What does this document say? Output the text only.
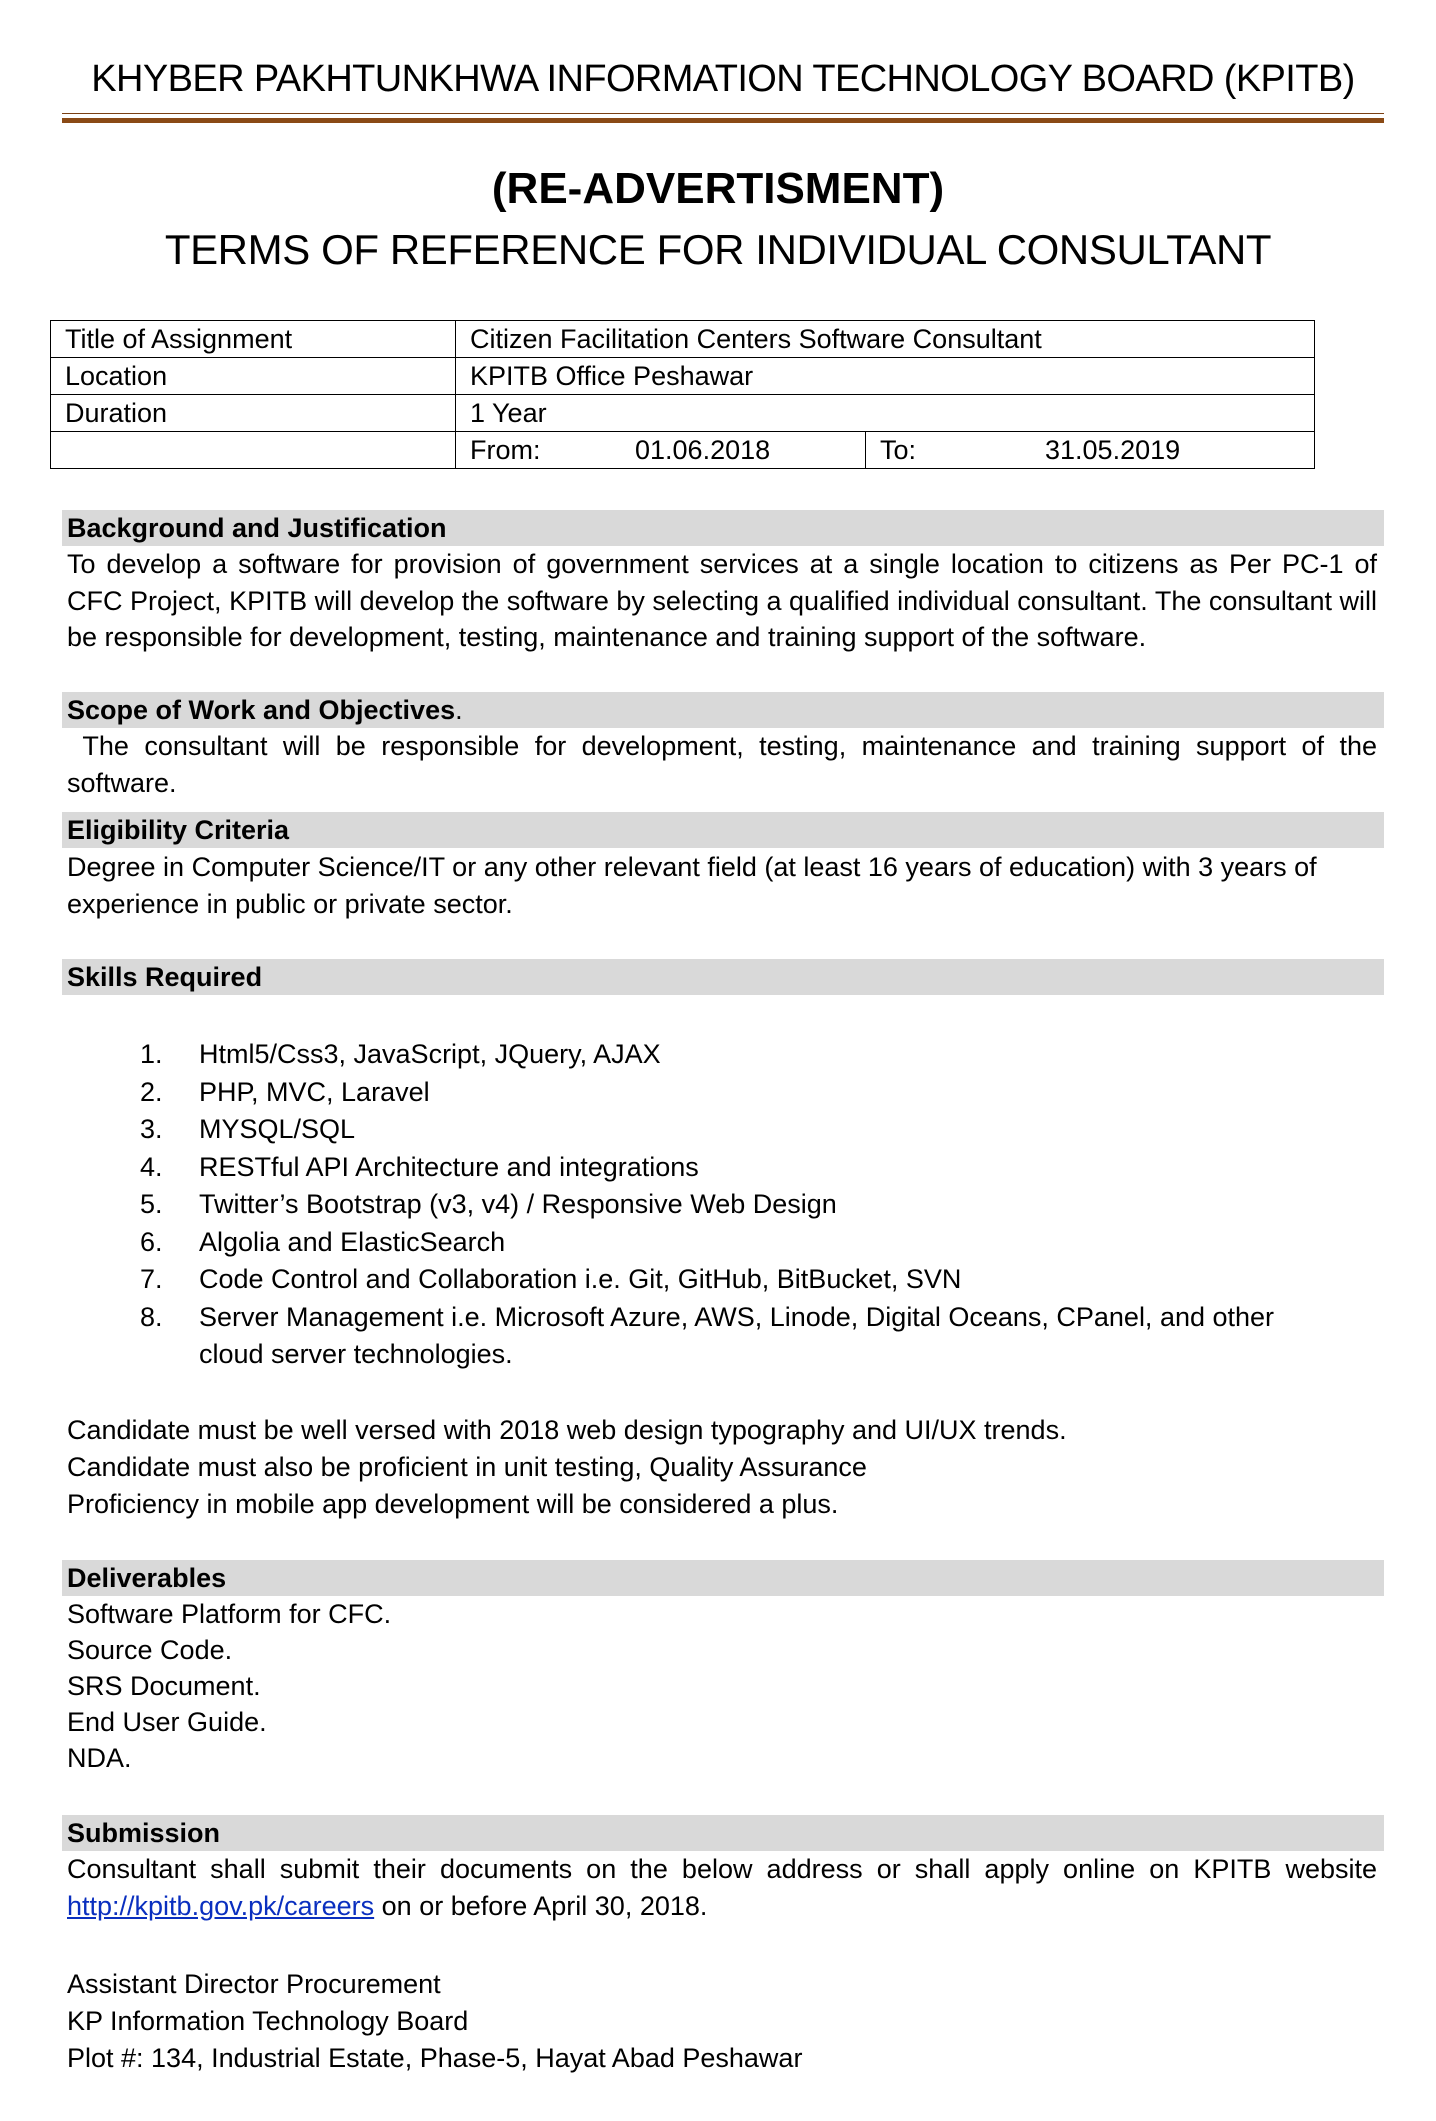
KHYBER PAKHTUNKHWA INFORMATION TECHNOLOGY BOARD (KPITB)
(RE-ADVERTISMENT)
TERMS OF REFERENCE FOR INDIVIDUAL CONSULTANT
Title of Assignment	Citizen Facilitation Centers Software Consultant	
Location	KPITB Office Peshawar	
Duration	1 Year	
	From: 01.06.2018	To: 31.05.2019
Background and Justification
To develop a software for provision of government services at a single location to citizens as Per PC-1 of CFC Project, KPITB will develop the software by selecting a qualified individual consultant. The consultant will be responsible for development, testing, maintenance and training support of the software.
Scope of Work and Objectives.
The consultant will be responsible for development, testing, maintenance and training support of the software.
Eligibility Criteria
Degree in Computer Science/IT or any other relevant field (at least 16 years of education) with 3 years of experience in public or private sector.
Skills Required
1. Html5/Css3, JavaScript, JQuery, AJAX
2. PHP, MVC, Laravel
3. MYSQL/SQL
4. RESTful API Architecture and integrations
5. Twitter’s Bootstrap (v3, v4) / Responsive Web Design
6. Algolia and ElasticSearch
7. Code Control and Collaboration i.e. Git, GitHub, BitBucket, SVN
8. Server Management i.e. Microsoft Azure, AWS, Linode, Digital Oceans, CPanel, and other cloud server technologies.
Candidate must be well versed with 2018 web design typography and UI/UX trends.
Candidate must also be proficient in unit testing, Quality Assurance
Proficiency in mobile app development will be considered a plus.
Deliverables
Software Platform for CFC.
Source Code.
SRS Document.
End User Guide.
NDA.
Submission
Consultant shall submit their documents on the below address or shall apply online on KPITB website
http://kpitb.gov.pk/careers on or before April 30, 2018.
Assistant Director Procurement
KP Information Technology Board
Plot #: 134, Industrial Estate, Phase-5, Hayat Abad Peshawar
